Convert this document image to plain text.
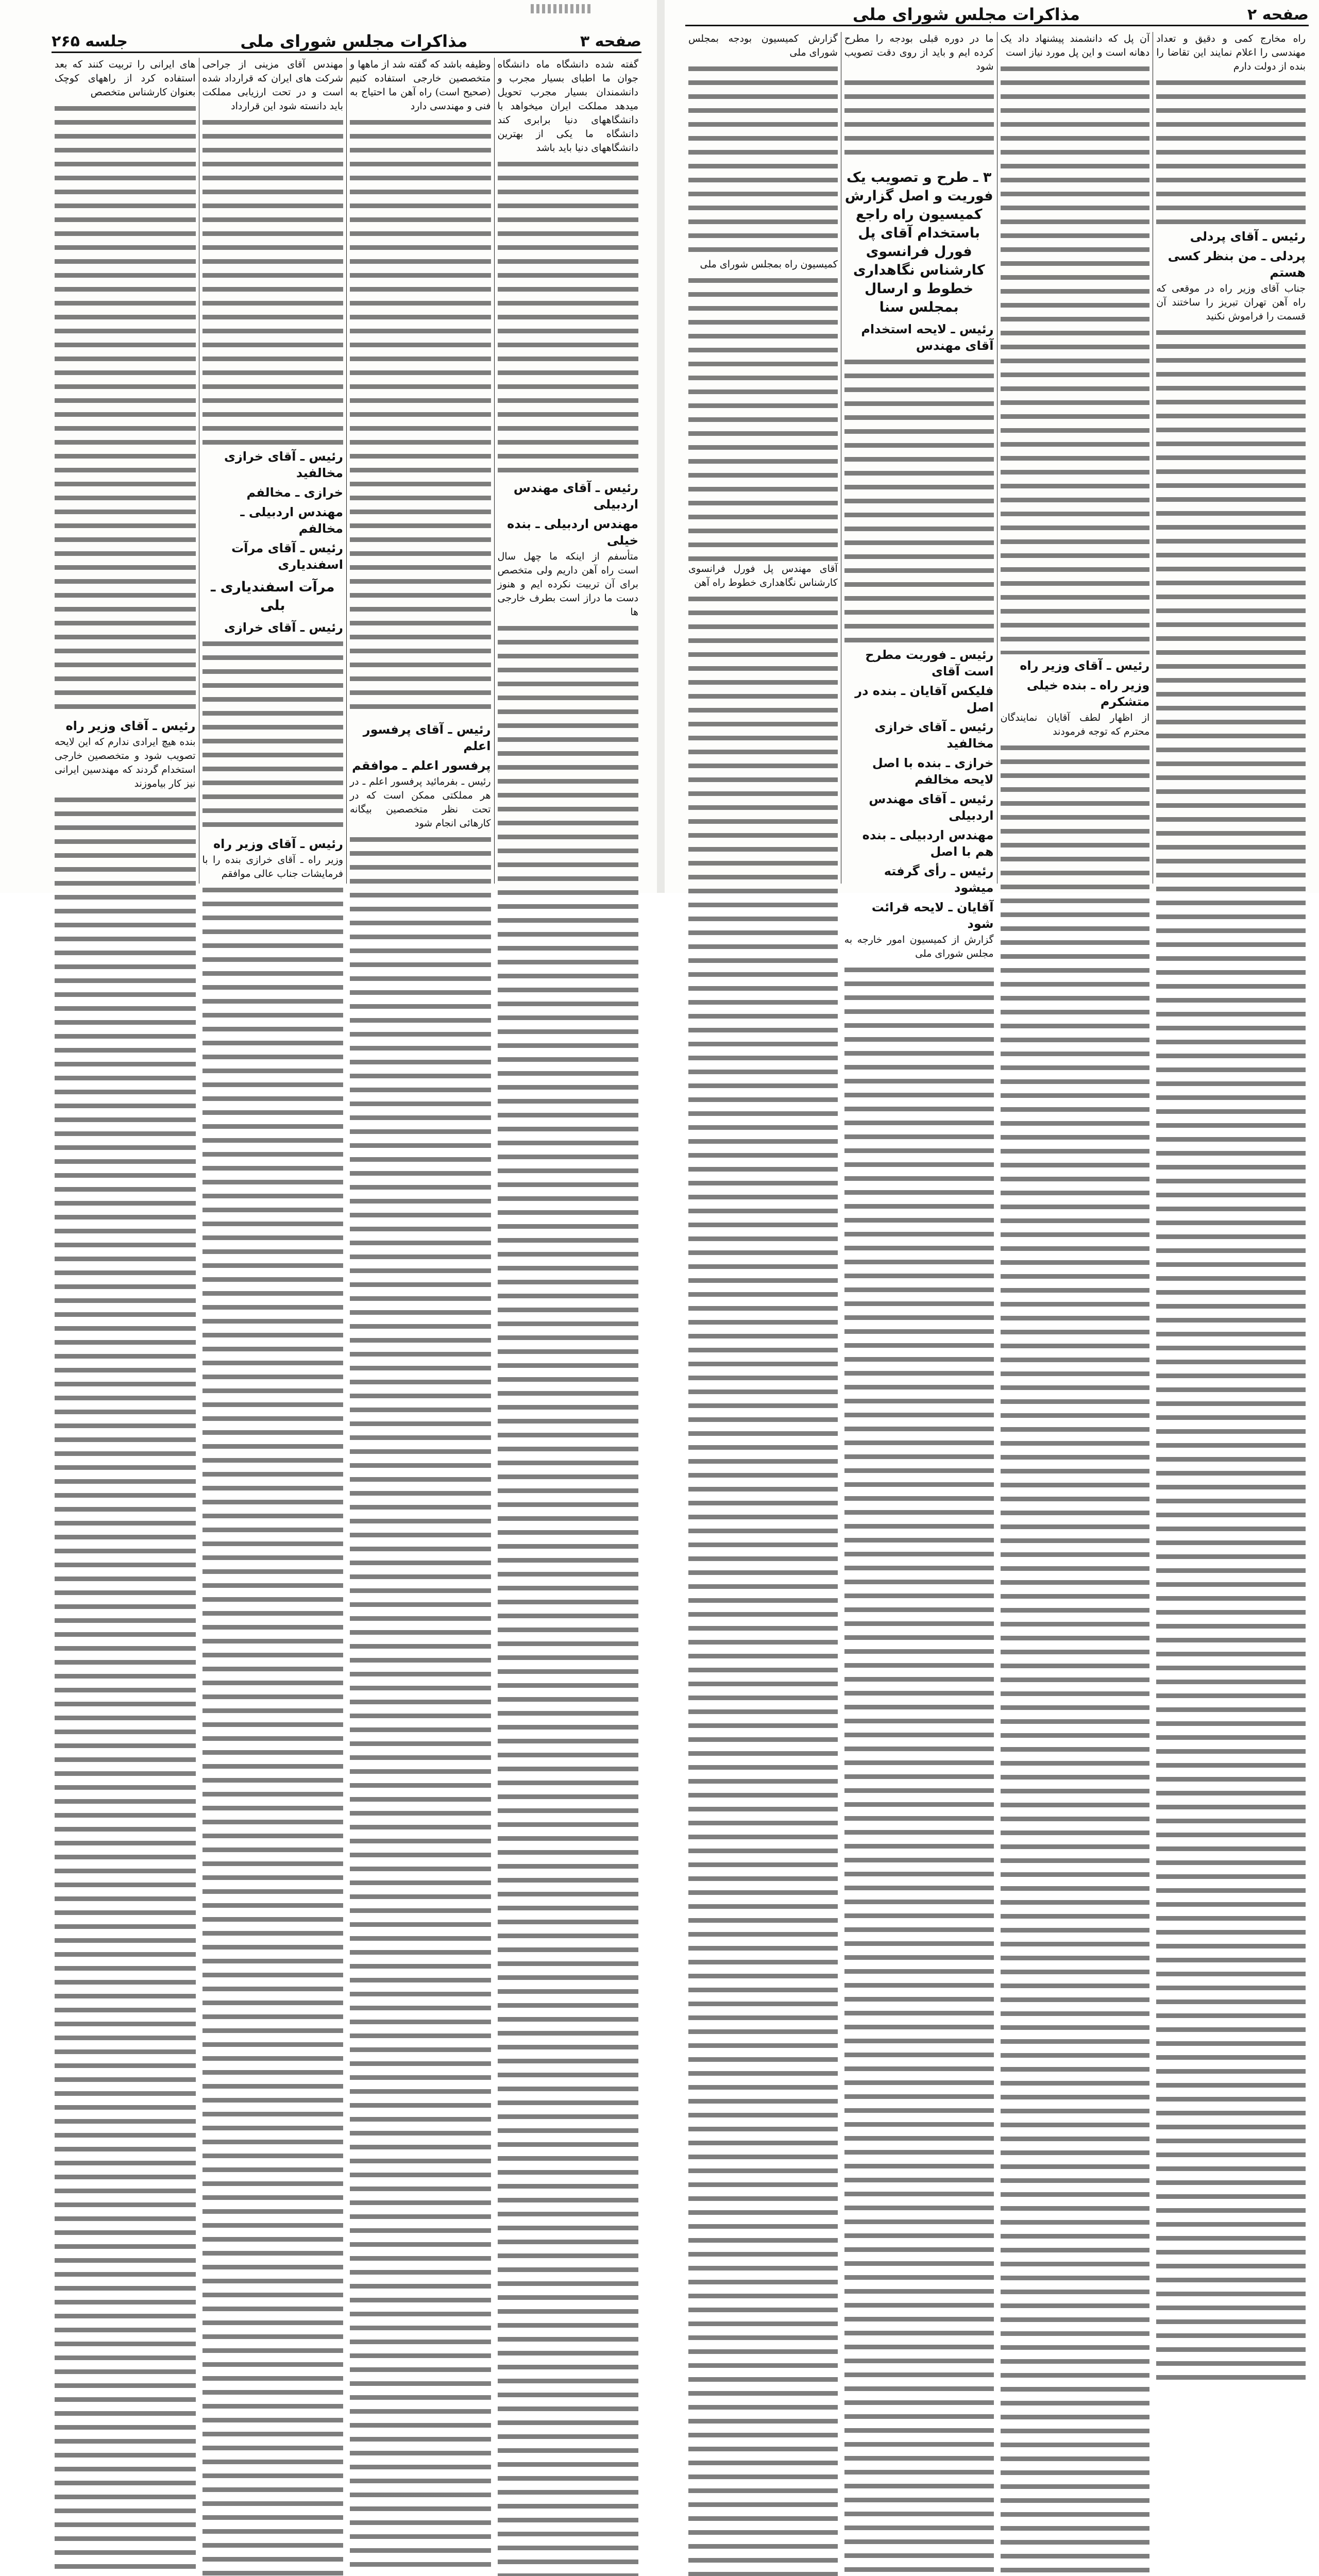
صفحه ۳
مذاکرات مجلس شورای ملی
جلسه ۲۶۵

گفته شده دانشگاه ماه دانشگاه جوان ما اطبای بسیار مجرب و دانشمندان بسیار مجرب تحویل میدهد مملکت ایران میخواهد با دانشگاههای دنیا برابری کند دانشگاه ما یکی از بهترین دانشگاههای دنیا باید باشد

رئیس ـ آقای مهندس اردبیلی
مهندس اردبیلی ـ بنده خیلی

متأسفم از اینکه ما چهل سال است راه آهن داریم ولی متخصص برای آن تربیت نکرده ایم و هنوز دست ما دراز است بطرف خارجی ها

وظیفه باشد که گفته شد از ماهها و متخصصین خارجی استفاده کنیم (صحیح است) راه آهن ما احتیاج به فنی و مهندسی دارد

رئیس ـ آقای پرفسور اعلم
پرفسور اعلم ـ موافقم

رئیس ـ بفرمائید پرفسور اعلم ـ در هر مملکتی ممکن است که در تحت نظر متخصصین بیگانه کارهائی انجام شود

مهندس آقای مزینی از جراحی شرکت های ایران که قرارداد شده است و در تحت ارزیابی مملکت باید دانسته شود این قرارداد

رئیس ـ آقای خرازی مخالفید
خرازی ـ مخالفم
مهندس اردبیلی ـ مخالفم
رئیس ـ آقای مرآت اسفندیاری
مرآت اسفندیاری ـ بلی
رئیس ـ آقای خرازی
رئیس ـ آقای وزیر راه

وزیر راه ـ آقای خرازی بنده را با فرمایشات جناب عالی موافقم

های ایرانی را تربیت کنند که بعد استفاده کرد از راههای کوچک بعنوان کارشناس متخصص

رئیس ـ آقای وزیر راه

بنده هیچ ایرادی ندارم که این لایحه تصویب شود و متخصصین خارجی استخدام گردند که مهندسین ایرانی نیز کار بیاموزند

صفحه ۲
مذاکرات مجلس شورای ملی

راه مخارج کمی و دقیق و تعداد مهندسی را اعلام نمایند این تقاضا را بنده از دولت دارم

رئیس ـ آقای پردلی
پردلی ـ من بنظر کسی هستم

جناب آقای وزیر راه در موقعی که راه آهن تهران تبریز را ساختند آن قسمت را فراموش نکنید

آن پل که دانشمند پیشنهاد داد یک دهانه است و این پل مورد نیاز است

رئیس ـ آقای وزیر راه
وزیر راه ـ بنده خیلی متشکرم

از اظهار لطف آقایان نمایندگان محترم که توجه فرمودند

ما در دوره قبلی بودجه را مطرح کرده ایم و باید از روی دقت تصویب شود

۳ ـ طرح و تصویب یک فوریت و اصل گزارش کمیسیون راه راجع باستخدام آقای پل فورل فرانسوی کارشناس نگاهداری خطوط و ارسال بمجلس سنا
رئیس ـ لایحه استخدام آقای مهندس
رئیس ـ فوریت مطرح است آقای
فلیکس آقایان ـ بنده در اصل
رئیس ـ آقای خرازی مخالفید
خرازی ـ بنده با اصل لایحه مخالفم
رئیس ـ آقای مهندس اردبیلی
مهندس اردبیلی ـ بنده هم با اصل
رئیس ـ رأی گرفته میشود
آقایان ـ لایحه قرائت شود

گزارش از کمیسیون امور خارجه به مجلس شورای ملی

گزارش کمیسیون بودجه بمجلس شورای ملی

کمیسیون راه بمجلس شورای ملی

آقای مهندس پل فورل فرانسوی کارشناس نگاهداری خطوط راه آهن
